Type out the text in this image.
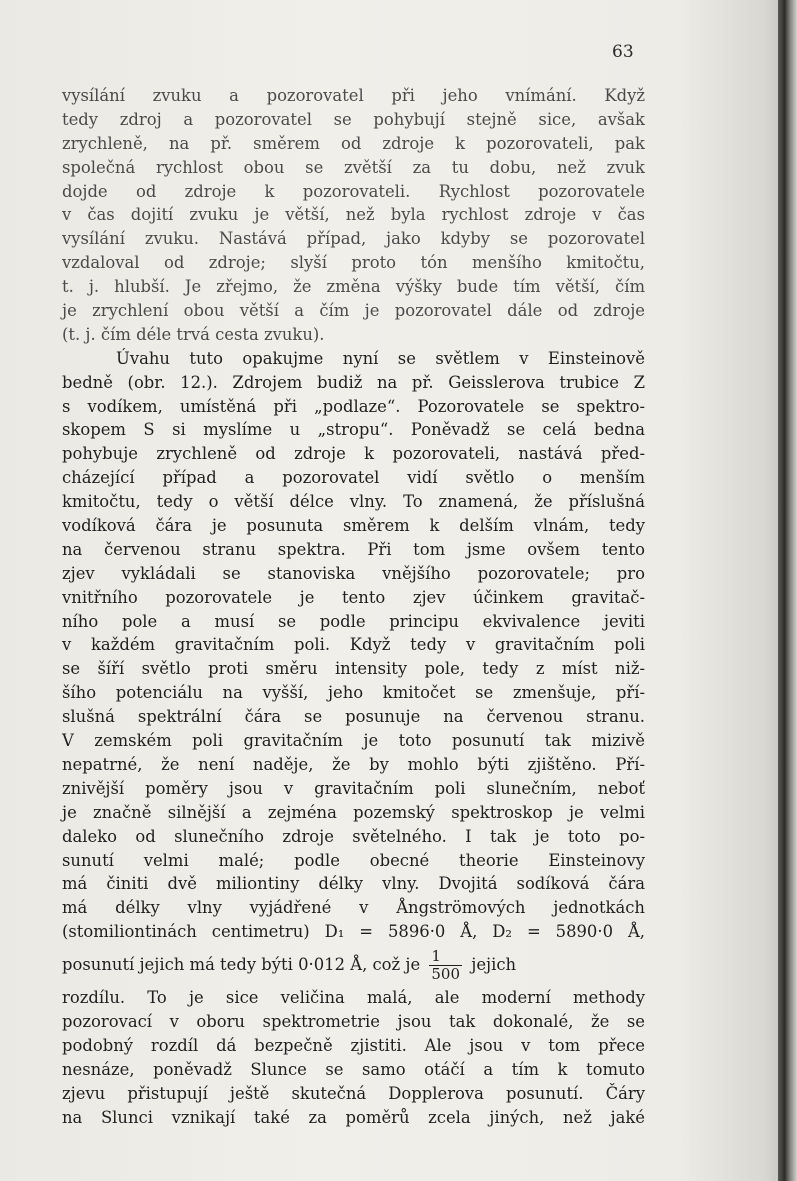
63
vysílání zvuku a pozorovatel při jeho vnímání. Když
tedy zdroj a pozorovatel se pohybují stejně sice, avšak
zrychleně, na př. směrem od zdroje k pozorovateli, pak
společná rychlost obou se zvětší za tu dobu, než zvuk
dojde od zdroje k pozorovateli. Rychlost pozorovatele
v čas dojití zvuku je větší, než byla rychlost zdroje v čas
vysílání zvuku. Nastává případ, jako kdyby se pozorovatel
vzdaloval od zdroje; slyší proto tón menšího kmitočtu,
t. j. hlubší. Je zřejmo, že změna výšky bude tím větší, čím
je zrychlení obou větší a čím je pozorovatel dále od zdroje
(t. j. čím déle trvá cesta zvuku).
Úvahu tuto opakujme nyní se světlem v Einsteinově
bedně (obr. 12.). Zdrojem budiž na př. Geisslerova trubice Z
s vodíkem, umístěná při „podlaze“. Pozorovatele se spektro-
skopem S si myslíme u „stropu“. Poněvadž se celá bedna
pohybuje zrychleně od zdroje k pozorovateli, nastává před-
cházející případ a pozorovatel vidí světlo o menším
kmitočtu, tedy o větší délce vlny. To znamená, že příslušná
vodíková čára je posunuta směrem k delším vlnám, tedy
na červenou stranu spektra. Při tom jsme ovšem tento
zjev vykládali se stanoviska vnějšího pozorovatele; pro
vnitřního pozorovatele je tento zjev účinkem gravitač-
ního pole a musí se podle principu ekvivalence jeviti
v každém gravitačním poli. Když tedy v gravitačním poli
se šíří světlo proti směru intensity pole, tedy z míst niž-
šího potenciálu na vyšší, jeho kmitočet se zmenšuje, pří-
slušná spektrální čára se posunuje na červenou stranu.
V zemském poli gravitačním je toto posunutí tak mizivě
nepatrné, že není naděje, že by mohlo býti zjištěno. Pří-
znivější poměry jsou v gravitačním poli slunečním, neboť
je značně silnější a zejména pozemský spektroskop je velmi
daleko od slunečního zdroje světelného. I tak je toto po-
sunutí velmi malé; podle obecné theorie Einsteinovy
má činiti dvě miliontiny délky vlny. Dvojitá sodíková čára
má délky vlny vyjádřené v Ångströmových jednotkách
(stomiliontinách centimetru) D₁ = 5896·0 Å, D₂ = 5890·0 Å,
posunutí jejich má tedy býti 0·012 Å, což je $\frac{1}{500}$ jejich
rozdílu. To je sice veličina malá, ale moderní methody
pozorovací v oboru spektrometrie jsou tak dokonalé, že se
podobný rozdíl dá bezpečně zjistiti. Ale jsou v tom přece
nesnáze, poněvadž Slunce se samo otáčí a tím k tomuto
zjevu přistupují ještě skutečná Dopplerova posunutí. Čáry
na Slunci vznikají také za poměrů zcela jiných, než jaké
